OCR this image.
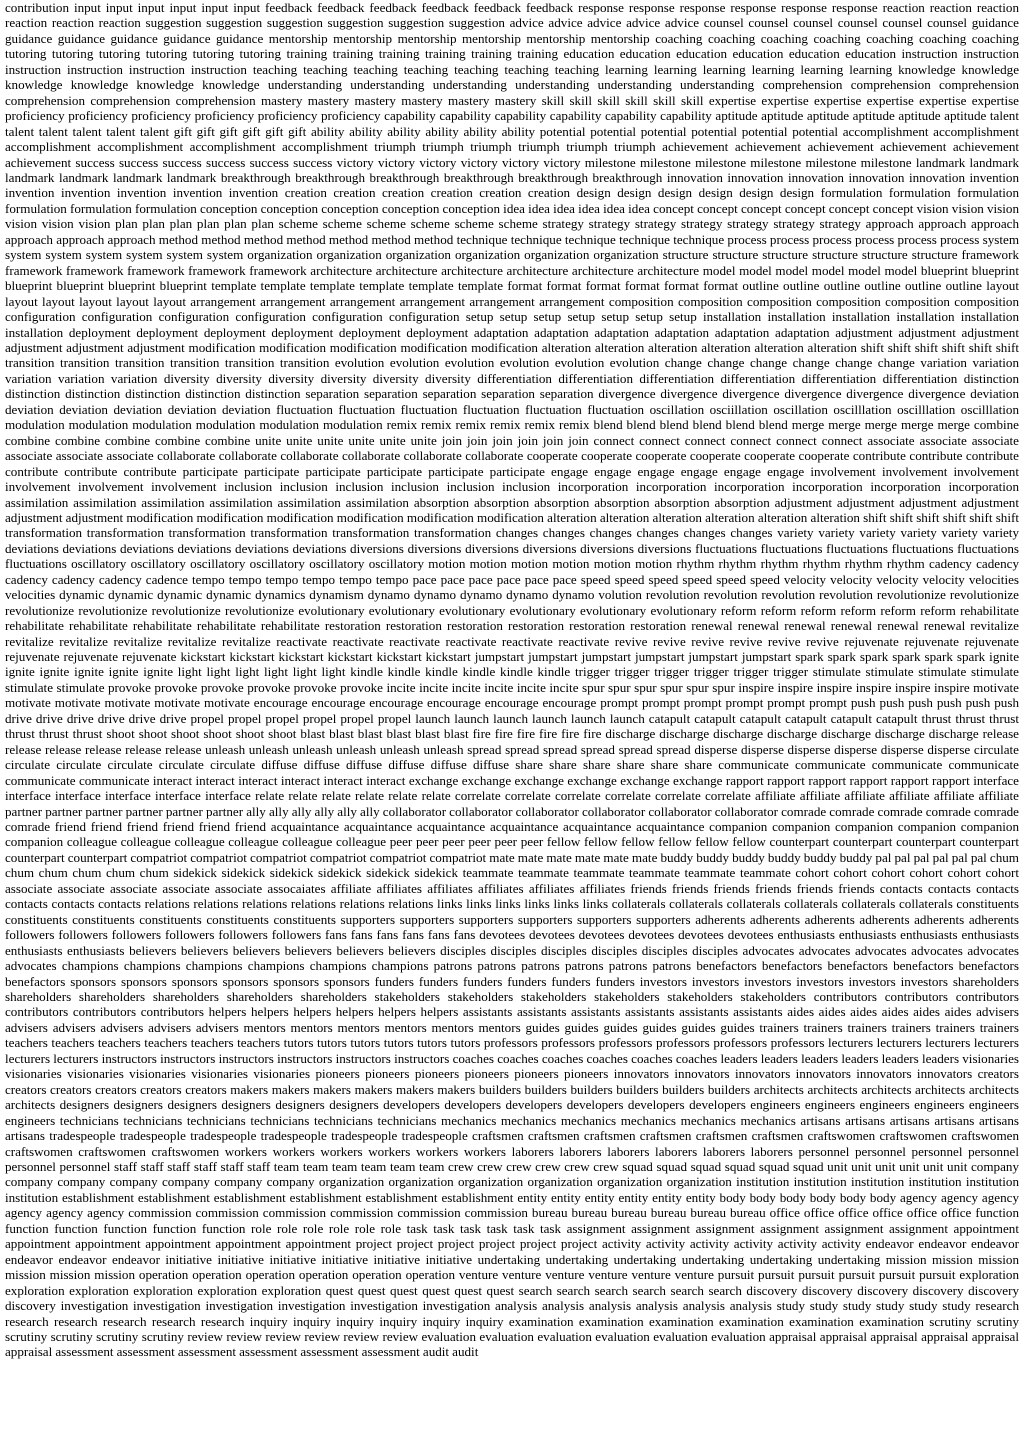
contribution input input input input input input feedback feedback feedback feedback feedback feedback response response response response response response reaction reaction reaction reaction reaction reaction suggestion suggestion suggestion suggestion suggestion suggestion advice advice advice advice advice counsel counsel counsel counsel counsel counsel guidance guidance guidance guidance guidance guidance mentorship mentorship mentorship mentorship mentorship mentorship coaching coaching coaching coaching coaching coaching coaching tutoring tutoring tutoring tutoring tutoring tutoring training training training training training training education education education education education education instruction instruction instruction instruction instruction instruction teaching teaching teaching teaching teaching teaching teaching learning learning learning learning learning learning knowledge knowledge knowledge knowledge knowledge knowledge understanding understanding understanding understanding understanding understanding comprehension comprehension comprehension comprehension comprehension comprehension mastery mastery mastery mastery mastery mastery skill skill skill skill skill skill expertise expertise expertise expertise expertise expertise proficiency proficiency proficiency proficiency proficiency proficiency capability capability capability capability capability capability aptitude aptitude aptitude aptitude aptitude aptitude talent talent talent talent talent talent gift gift gift gift gift gift ability ability ability ability ability ability potential potential potential potential potential potential accomplishment accomplishment accomplishment accomplishment accomplishment accomplishment triumph triumph triumph triumph triumph triumph achievement achievement achievement achievement achievement achievement success success success success success success victory victory victory victory victory victory milestone milestone milestone milestone milestone milestone landmark landmark landmark landmark landmark landmark breakthrough breakthrough breakthrough breakthrough breakthrough breakthrough innovation innovation innovation innovation innovation invention invention invention invention invention invention creation creation creation creation creation creation design design design design design design formulation formulation formulation formulation formulation formulation conception conception conception conception conception idea idea idea idea idea idea concept concept concept concept concept concept vision vision vision vision vision vision plan plan plan plan plan plan scheme scheme scheme scheme scheme scheme strategy strategy strategy strategy strategy strategy strategy approach approach approach approach approach approach method method method method method method method technique technique technique technique technique process process process process process process system system system system system system system organization organization organization organization organization organization structure structure structure structure structure structure framework framework framework framework framework framework architecture architecture architecture architecture architecture architecture model model model model model model blueprint blueprint blueprint blueprint blueprint blueprint template template template template template template format format format format format format outline outline outline outline outline outline layout layout layout layout layout layout arrangement arrangement arrangement arrangement arrangement arrangement composition composition composition composition composition composition configuration configuration configuration configuration configuration configuration setup setup setup setup setup setup setup installation installation installation installation installation installation deployment deployment deployment deployment deployment deployment adaptation adaptation adaptation adaptation adaptation adaptation adjustment adjustment adjustment adjustment adjustment adjustment modification modification modification modification modification alteration alteration alteration alteration alteration alteration shift shift shift shift shift shift transition transition transition transition transition transition evolution evolution evolution evolution evolution evolution change change change change change change variation variation variation variation variation diversity diversity diversity diversity diversity diversity differentiation differentiation differentiation differentiation differentiation differentiation distinction distinction distinction distinction distinction distinction separation separation separation separation separation divergence divergence divergence divergence divergence divergence deviation deviation deviation deviation deviation deviation fluctuation fluctuation fluctuation fluctuation fluctuation fluctuation oscillation osciillation oscillation oscilllation oscilllation oscilllation modulation modulation modulation modulation modulation modulation remix remix remix remix remix remix blend blend blend blend blend blend merge merge merge merge merge combine combine combine combine combine combine unite unite unite unite unite unite join join join join join join connect connect connect connect connect connect associate associate associate associate associate associate collaborate collaborate collaborate collaborate collaborate collaborate cooperate cooperate cooperate cooperate cooperate cooperate contribute contribute contribute contribute contribute contribute participate participate participate participate participate participate engage engage engage engage engage engage involvement involvement involvement involvement involvement involvement inclusion inclusion inclusion inclusion inclusion inclusion incorporation incorporation incorporation incorporation incorporation incorporation assimilation assimilation assimilation assimilation assimilation assimilation absorption absorption absorption absorption absorption absorption adjustment adjustment adjustment adjustment adjustment adjustment modification modification modification modification modification modification alteration alteration alteration alteration alteration alteration shift shift shift shift shift shift transformation transformation transformation transformation transformation transformation changes changes changes changes changes changes variety variety variety variety variety variety deviations deviations deviations deviations deviations deviations diversions diversions diversions diversions diversions diversions fluctuations fluctuations fluctuations fluctuations fluctuations fluctuations oscillatory oscillatory oscillatory oscillatory oscillatory oscillatory motion motion motion motion motion motion rhythm rhythm rhythm rhythm rhythm rhythm cadency cadency cadency cadency cadency cadence tempo tempo tempo tempo tempo tempo pace pace pace pace pace pace speed speed speed speed speed speed velocity velocity velocity velocity velocities velocities dynamic dynamic dynamic dynamic dynamics dynamism dynamo dynamo dynamo dynamo dynamo volution revolution revolution revolution revolution revolutionize revolutionize revolutionize revolutionize revolutionize revolutionize evolutionary evolutionary evolutionary evolutionary evolutionary evolutionary reform reform reform reform reform reform rehabilitate rehabilitate rehabilitate rehabilitate rehabilitate rehabilitate restoration restoration restoration restoration restoration restoration renewal renewal renewal renewal renewal renewal revitalize revitalize revitalize revitalize revitalize revitalize reactivate reactivate reactivate reactivate reactivate reactivate revive revive revive revive revive revive rejuvenate rejuvenate rejuvenate rejuvenate rejuvenate rejuvenate kickstart kickstart kickstart kickstart kickstart kickstart jumpstart jumpstart jumpstart jumpstart jumpstart jumpstart spark spark spark spark spark spark ignite ignite ignite ignite ignite ignite light light light light light light kindle kindle kindle kindle kindle kindle trigger trigger trigger trigger trigger trigger stimulate stimulate stimulate stimulate stimulate stimulate provoke provoke provoke provoke provoke provoke incite incite incite incite incite incite spur spur spur spur spur spur inspire inspire inspire inspire inspire inspire motivate motivate motivate motivate motivate motivate encourage encourage encourage encourage encourage encourage prompt prompt prompt prompt prompt prompt push push push push push push drive drive drive drive drive drive propel propel propel propel propel propel launch launch launch launch launch launch catapult catapult catapult catapult catapult catapult thrust thrust thrust thrust thrust thrust shoot shoot shoot shoot shoot shoot blast blast blast blast blast blast fire fire fire fire fire fire discharge discharge discharge discharge discharge discharge discharge release release release release release release unleash unleash unleash unleash unleash unleash spread spread spread spread spread spread disperse disperse disperse disperse disperse disperse circulate circulate circulate circulate circulate circulate diffuse diffuse diffuse diffuse diffuse diffuse share share share share share share communicate communicate communicate communicate communicate communicate interact interact interact interact interact interact exchange exchange exchange exchange exchange exchange rapport rapport rapport rapport rapport rapport interface interface interface interface interface interface relate relate relate relate relate relate correlate correlate correlate correlate correlate correlate affiliate affiliate affiliate affiliate affiliate affiliate partner partner partner partner partner partner ally ally ally ally ally ally collaborator collaborator collaborator collaborator collaborator collaborator comrade comrade comrade comrade comrade comrade friend friend friend friend friend friend acquaintance acquaintance acquaintance acquaintance acquaintance acquaintance companion companion companion companion companion companion colleague colleague colleague colleague colleague colleague peer peer peer peer peer peer fellow fellow fellow fellow fellow fellow counterpart counterpart counterpart counterpart counterpart counterpart compatriot compatriot compatriot compatriot compatriot compatriot mate mate mate mate mate mate buddy buddy buddy buddy buddy buddy pal pal pal pal pal pal chum chum chum chum chum chum sidekick sidekick sidekick sidekick sidekick sidekick teammate teammate teammate teammate teammate teammate cohort cohort cohort cohort cohort cohort associate associate associate associate associate assocaiates affiliate affiliates affiliates affiliates affiliates affiliates friends friends friends friends friends friends contacts contacts contacts contacts contacts contacts relations relations relations relations relations relations links links links links links links collaterals collaterals collaterals collaterals collaterals collaterals constituents constituents constituents constituents constituents constituents supporters supporters supporters supporters supporters supporters adherents adherents adherents adherents adherents adherents followers followers followers followers followers followers fans fans fans fans fans fans devotees devotees devotees devotees devotees devotees enthusiasts enthusiasts enthusiasts enthusiasts enthusiasts enthusiasts believers believers believers believers believers believers disciples disciples disciples disciples disciples disciples advocates advocates advocates advocates advocates advocates champions champions champions champions champions champions patrons patrons patrons patrons patrons patrons benefactors benefactors benefactors benefactors benefactors benefactors sponsors sponsors sponsors sponsors sponsors sponsors funders funders funders funders funders funders investors investors investors investors investors investors shareholders shareholders shareholders shareholders shareholders shareholders stakeholders stakeholders stakeholders stakeholders stakeholders stakeholders contributors contributors contributors contributors contributors contributors helpers helpers helpers helpers helpers helpers assistants assistants assistants assistants assistants assistants aides aides aides aides aides aides advisers advisers advisers advisers advisers advisers mentors mentors mentors mentors mentors mentors guides guides guides guides guides guides trainers trainers trainers trainers trainers trainers teachers teachers teachers teachers teachers teachers tutors tutors tutors tutors tutors tutors professors professors professors professors professors professors lecturers lecturers lecturers lecturers lecturers lecturers instructors instructors instructors instructors instructors instructors coaches coaches coaches coaches coaches coaches leaders leaders leaders leaders leaders leaders visionaries visionaries visionaries visionaries visionaries visionaries pioneers pioneers pioneers pioneers pioneers pioneers innovators innovators innovators innovators innovators innovators creators creators creators creators creators creators makers makers makers makers makers makers builders builders builders builders builders builders architects architects architects architects architects architects designers designers designers designers designers designers developers developers developers developers developers developers engineers engineers engineers engineers engineers engineers technicians technicians technicians technicians technicians technicians mechanics mechanics mechanics mechanics mechanics mechanics artisans artisans artisans artisans artisans artisans tradespeople tradespeople tradespeople tradespeople tradespeople tradespeople craftsmen craftsmen craftsmen craftsmen craftsmen craftsmen craftswomen craftswomen craftswomen craftswomen craftswomen craftswomen workers workers workers workers workers workers laborers laborers laborers laborers laborers laborers personnel personnel personnel personnel personnel personnel staff staff staff staff staff staff team team team team team team crew crew crew crew crew crew squad squad squad squad squad squad unit unit unit unit unit unit company company company company company company company organization organization organization organization organization organization institution institution institution institution institution institution establishment establishment establishment establishment establishment establishment entity entity entity entity entity entity body body body body body body agency agency agency agency agency agency commission commission commission commission commission commission bureau bureau bureau bureau bureau bureau office office office office office office function function function function function function role role role role role role task task task task task task assignment assignment assignment assignment assignment assignment appointment appointment appointment appointment appointment appointment project project project project project project activity activity activity activity activity activity endeavor endeavor endeavor endeavor endeavor endeavor initiative initiative initiative initiative initiative initiative undertaking undertaking undertaking undertaking undertaking undertaking mission mission mission mission mission mission operation operation operation operation operation operation venture venture venture venture venture venture pursuit pursuit pursuit pursuit pursuit pursuit exploration exploration exploration exploration exploration exploration quest quest quest quest quest quest search search search search search search discovery discovery discovery discovery discovery discovery investigation investigation investigation investigation investigation investigation analysis analysis analysis analysis analysis analysis study study study study study study research research research research research research inquiry inquiry inquiry inquiry inquiry inquiry examination examination examination examination examination examination scrutiny scrutiny scrutiny scrutiny scrutiny scrutiny review review review review review review evaluation evaluation evaluation evaluation evaluation evaluation appraisal appraisal appraisal appraisal appraisal appraisal assessment assessment assessment assessment assessment assessment audit audit
